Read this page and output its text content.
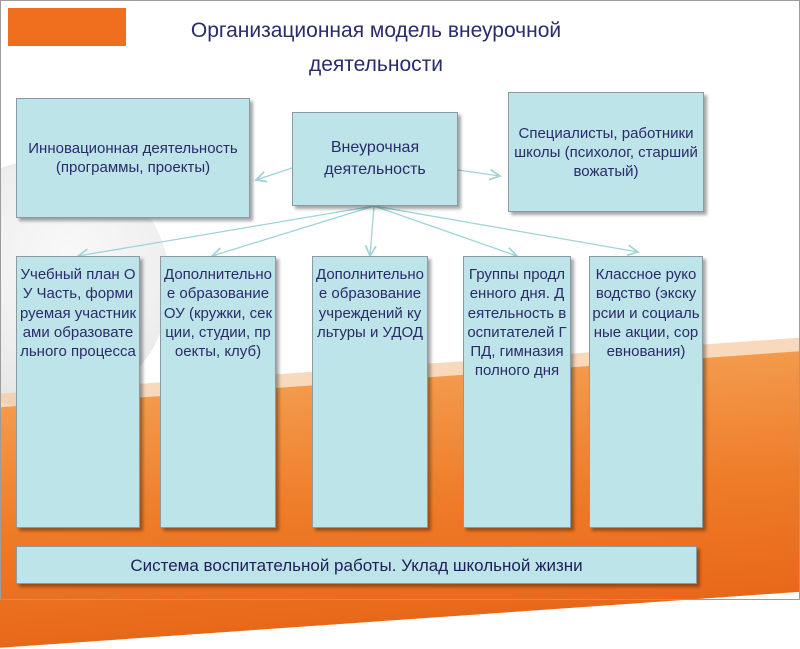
Организационная модель внеурочной деятельности
Инновационная деятельность (программы, проекты)
Внеурочная деятельность
Специалисты, работники школы (психолог, старший вожатый)
Учебный план ОУ Часть, формируемая участниками образовательного процесса
Дополнительное образование ОУ (кружки, секции, студии, проекты, клуб)
Дополнительное образование учреждений культуры и УДОД
Группы продленного дня. Деятельность воспитателей ГПД, гимназия полного дня
Классное руководство (экскурсии и социальные акции, соревнования)
Система воспитательной работы. Уклад школьной жизни
